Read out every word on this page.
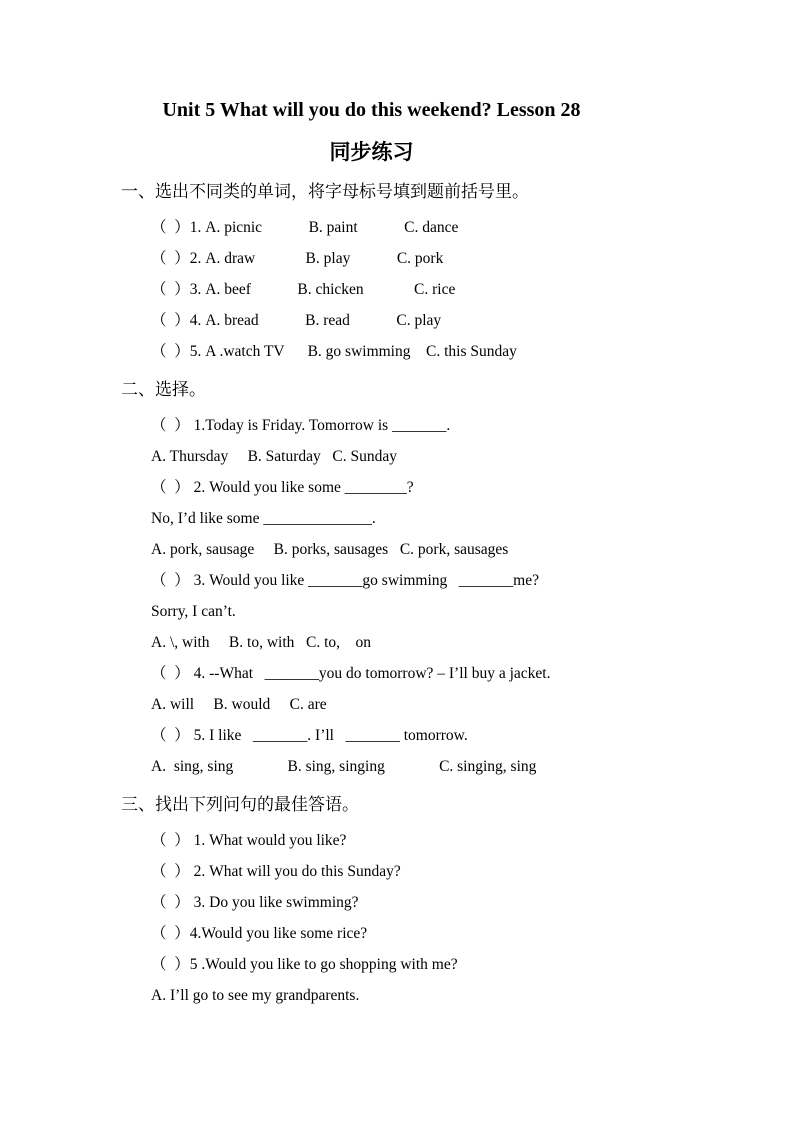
Unit 5 What will you do this weekend? Lesson 28
同步练习

一、选出不同类的单词，将字母标号填到题前括号里。

（  ）1. A. picnic            B. paint            C. dance

（  ）2. A. draw             B. play            C. pork

（  ）3. A. beef            B. chicken             C. rice

（  ）4. A. bread            B. read            C. play

（  ）5. A .watch TV      B. go swimming    C. this Sunday

二、选择。

（  ） 1.Today is Friday. Tomorrow is _______.

A. Thursday     B. Saturday   C. Sunday

（  ） 2. Would you like some ________?

No, I’d like some ______________.

A. pork, sausage     B. porks, sausages   C. pork, sausages

（  ） 3. Would you like _______go swimming   _______me?

Sorry, I can’t.

A. \, with     B. to, with   C. to,    on

（  ） 4. --What   _______you do tomorrow? – I’ll buy a jacket.

A. will     B. would     C. are

（  ） 5. I like   _______. I’ll   _______ tomorrow.

A.  sing, sing              B. sing, singing              C. singing, sing

三、找出下列问句的最佳答语。

（  ） 1. What would you like?

（  ） 2. What will you do this Sunday?

（  ） 3. Do you like swimming?

（  ）4.Would you like some rice?

（  ）5 .Would you like to go shopping with me?

A. I’ll go to see my grandparents.
